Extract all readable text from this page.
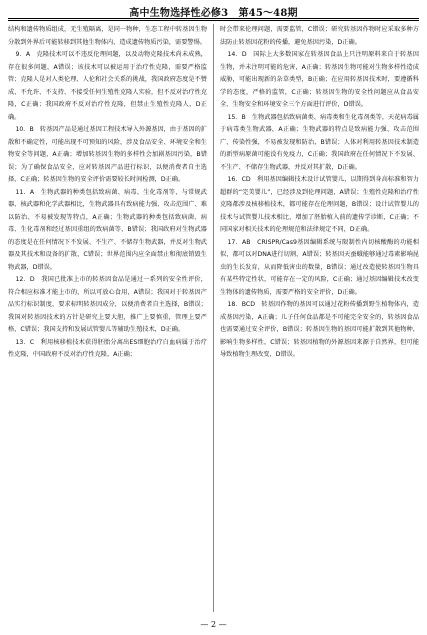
高中生物选择性必修3　第45～48期

结构和遗传物质组成，无生殖隔离，是同一物种，生态工程中转基因生物分散到外界后可能转移到其他生物体内，造成遗传物质污染，需要警惕。

9．A　克隆技术可以不违反伦理问题，以及动物克隆技术尚未成熟，存在很多问题，A错误；该技术可以被运用于治疗性克隆，需要严格监管；克隆人是对人类伦理、人伦和社会关系的挑战，我国政府态度是不赞成、不允许、不支持、不接受任何生殖性克隆人实验，但不反对治疗性克隆，C正确；我国政府不反对治疗性克隆，但禁止生殖性克隆人，D正确。

10．B　转基因产品是通过基因工程技术导入外源基因，由于基因的扩散和不确定性，可能出现不可预知的风险，涉及食品安全、环境安全和生物安全等问题，A正确；增加转基因生物的多样性会加剧基因污染，B错误；为了确保食品安全，应对转基因产品进行标识，以便消费者自主选择，C正确；转基因生物的安全评价需要较长时间检测，D正确。

11．A　生物武器的种类包括致病菌、病毒、生化毒剂等，与常规武器、核武器和化学武器相比，生物武器具有致病能力强、攻击范围广、难以防治、不易被发现等特点，A正确；生物武器的种类包括致病菌、病毒、生化毒剂和经过基因重组的致病菌等，B错误；我国政府对生物武器的态度是在任何情况下不发展、不生产、不储存生物武器，并反对生物武器及其技术和设备的扩散，C错误；世界范围内应全面禁止和彻底销毁生物武器，D错误。

12．D　我国已批准上市的转基因食品是通过一系列的安全性评价，符合相应标准才能上市的，所以可放心食用，A错误；我国对于转基因产品实行标识制度，要求标明转基因成分，以便消费者自主选择，B错误；我国对转基因技术的方针是研究上要大胆，推广上要慎重，管理上要严格，C错误；我国支持和发展试管婴儿等辅助生殖技术，D正确。

13．C　利用核移植技术获得胚胎分离出ES细胞治疗白血病属于治疗性克隆，中国政府不反对治疗性克隆，A正确；

时会带来伦理问题，需要监管，C错误；研究转基因作物时应采取多种方法防止转基因花粉的传播，避免基因污染，D正确。

14．D　国际上大多数国家在转基因食品上只注明原料来自于转基因生物，并未注明可能的危害，A正确；转基因生物可能对生物多样性造成威胁，可能出现新的杂草类型，B正确；在应用转基因技术时，要遵循科学的态度，严格的监管，C正确；转基因生物的安全性问题应从食品安全、生物安全和环境安全三个方面进行评价，D错误。

15．B　生物武器包括致病菌类、病毒类和生化毒剂类等，天花病毒属于病毒类生物武器，A正确；生物武器的特点是致病能力强、攻击范围广、传染性强，不易被发现和防治，B错误；人体对利用转基因技术制造的新型病原菌可能没有免疫力，C正确；我国政府在任何情况下不发展、不生产、不储存生物武器，并反对其扩散，D正确。

16．CD　利用基因编辑技术设计试管婴儿，以期得到身高标准和智力超群的“完美婴儿”，已经涉及到伦理问题，A错误；生殖性克隆和治疗性克隆都涉及核移植技术，都可能存在伦理问题，B错误；设计试管婴儿的技术与试管婴儿技术相比，增加了胚胎植入前的遗传学诊断，C正确；不同国家对相关技术的伦理规范和法律规定不同，D正确。

17．AB　CRISPR/Cas9基因编辑系统与限制性内切核酸酶的功能相似，都可以对DNA进行切割，A错误；转基因天蚕蛾能够通过毒素影响昆虫的生长发育，从而降低害虫的数量，B错误；通过改造使转基因生物具有某些特定性状，可能存在一定的风险，C正确；通过基因编辑技术改变生物体的遗传物质，需要严格的安全评价，D正确。

18．BCD　转基因作物的基因可以通过花粉传播到野生植物体内，造成基因污染，A正确；儿子任何食品都是不可能完全安全的，转基因食品也需要通过安全评价，B错误；转基因生物的基因可能扩散到其他物种，影响生物多样性，C错误；转基因植物的外源基因来源于自然界，但可能导致植物生理改变，D错误。

— 2 —
